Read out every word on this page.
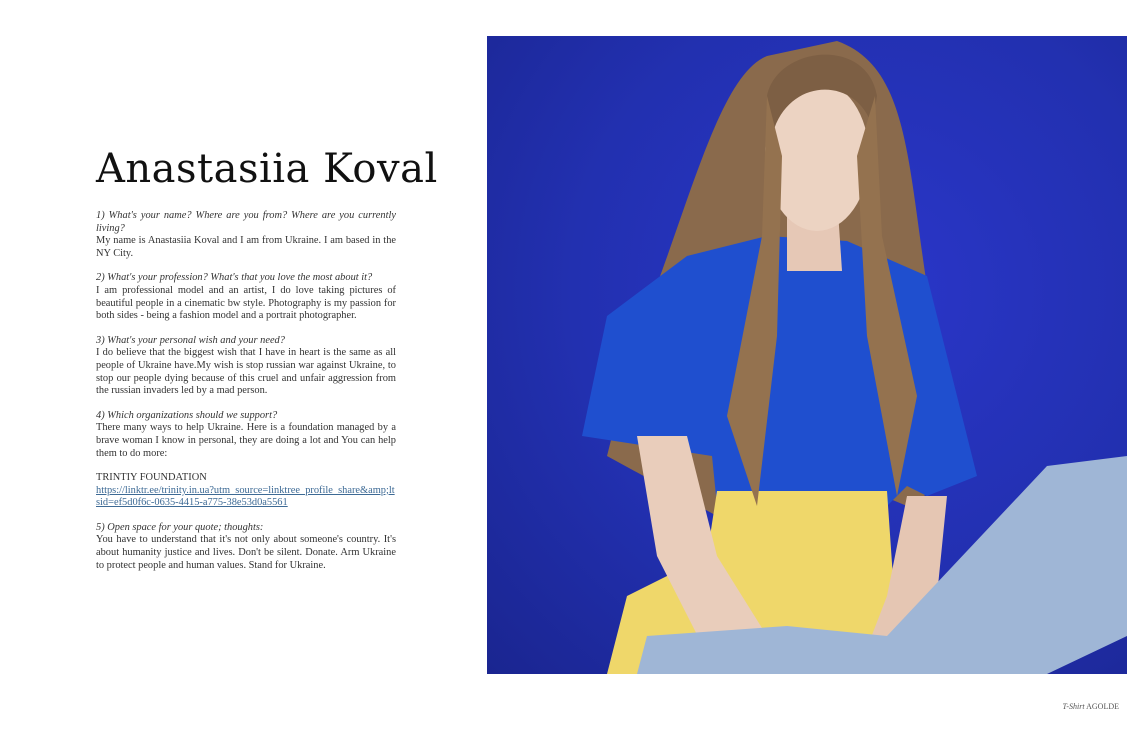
Anastasiia Koval

1) What's your name? Where are you from? Where are you currently living?
My name is Anastasiia Koval and I am from Ukraine. I am based in the NY City.

2) What's your profession? What's that you love the most about it?
I am professional model and an artist, I do love taking pictures of beautiful people in a cinematic bw style. Photography is my passion for both sides - being a fashion model and a portrait photographer.

3) What's your personal wish and your need?
I do believe that the biggest wish that I have in heart is the same as all people of Ukraine have.My wish is stop russian war against Ukraine, to stop our people dying because of this cruel and unfair aggression from the russian invaders led by a mad person.

4) Which organizations should we support?
There many ways to help Ukraine. Here is a foundation managed by a brave woman I know in personal, they are doing a lot and You can help them to do more:

TRINTIY FOUNDATION
https://linktr.ee/trinity.in.ua?utm_source=linktree_profile_share&amp;ltsid=ef5d0f6c-0635-4415-a775-38e53d0a5561

5) Open space for your quote; thoughts:
You have to understand that it's not only about someone's country. It's about humanity justice and lives. Don't be silent. Donate. Arm Ukraine to protect people and human values. Stand for Ukraine.

T-Shirt AGOLDE
